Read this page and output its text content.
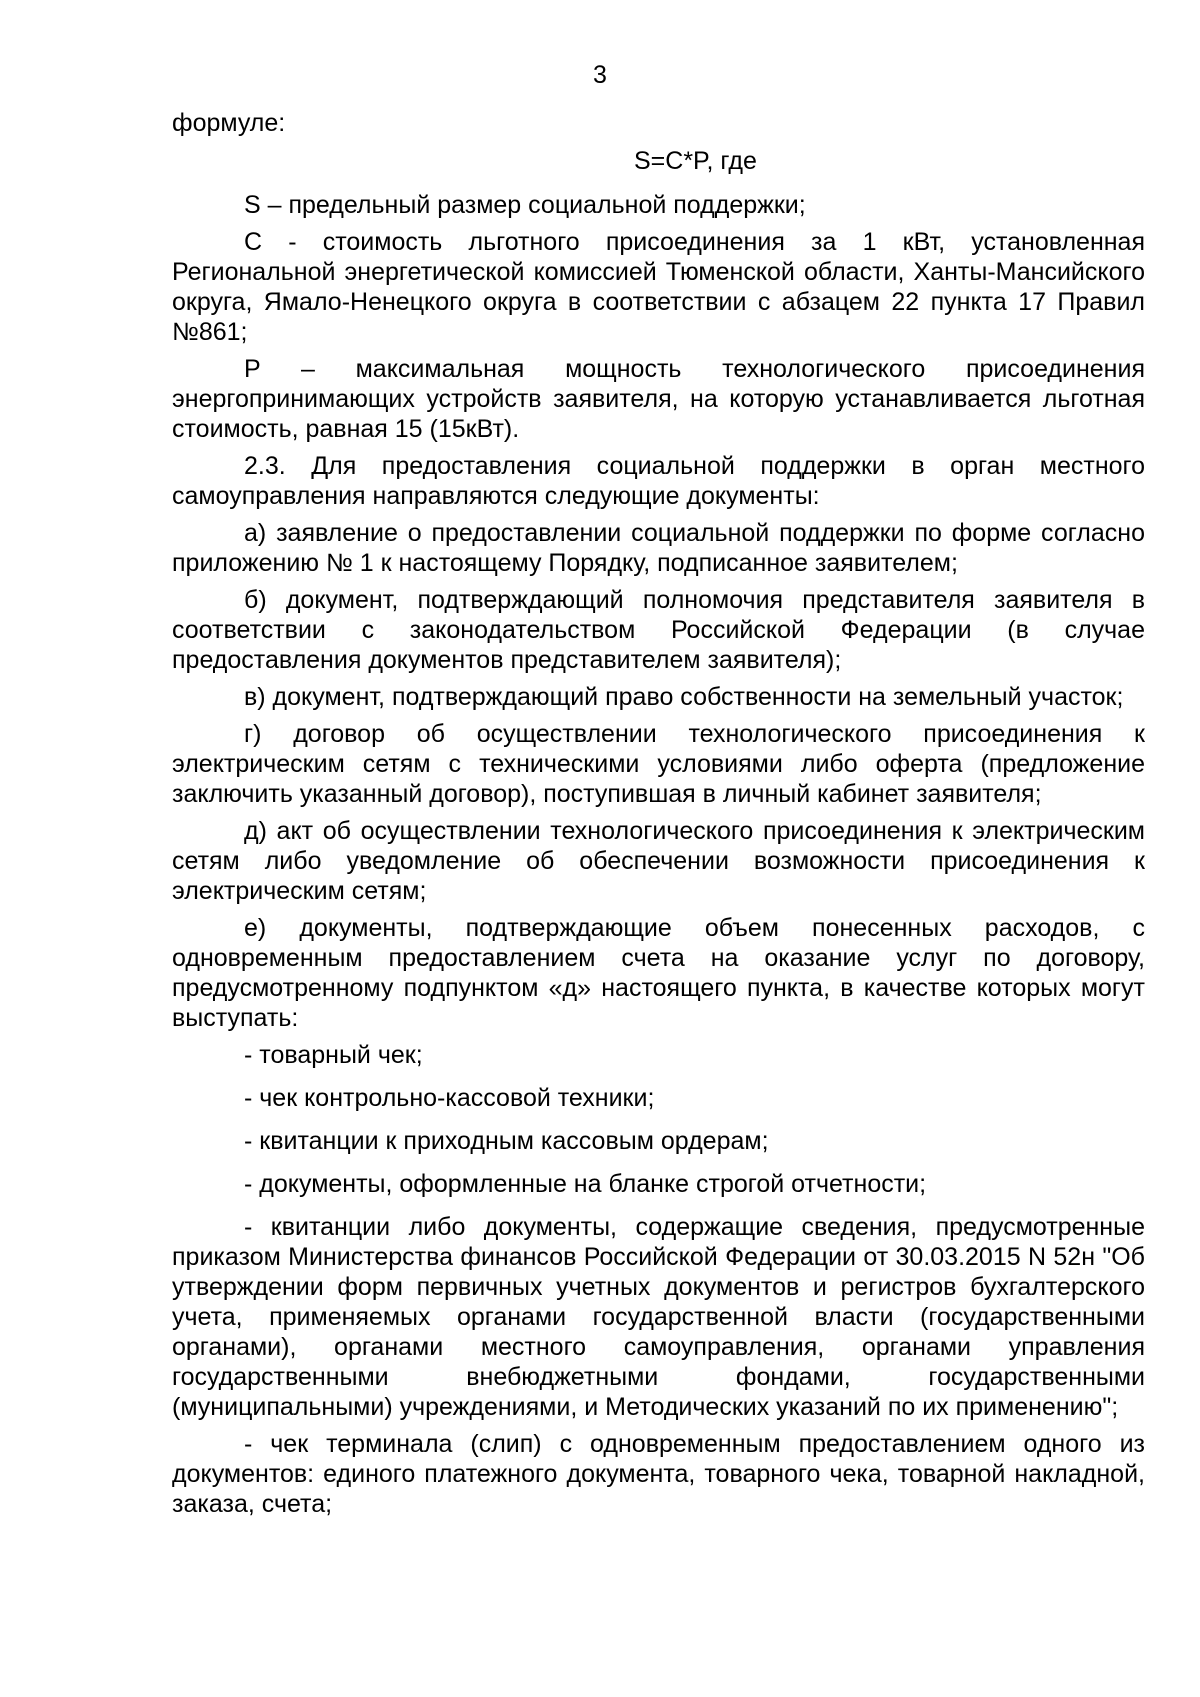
3

формуле:

S=C*P, где

S – предельный размер социальной поддержки;

С - стоимость льготного присоединения за 1 кВт, установленная Региональной энергетической комиссией Тюменской области, Ханты-Мансийского округа, Ямало-Ненецкого округа в соответствии с абзацем 22 пункта 17 Правил №861;

P – максимальная мощность технологического присоединения энергопринимающих устройств заявителя, на которую устанавливается льготная стоимость, равная 15 (15кВт).

2.3. Для предоставления социальной поддержки в орган местного самоуправления направляются следующие документы:

а) заявление о предоставлении социальной поддержки по форме согласно приложению № 1 к настоящему Порядку, подписанное заявителем;

б) документ, подтверждающий полномочия представителя заявителя в соответствии с законодательством Российской Федерации (в случае предоставления документов представителем заявителя);

в) документ, подтверждающий право собственности на земельный участок;

г) договор об осуществлении технологического присоединения к электрическим сетям с техническими условиями либо оферта (предложение заключить указанный договор), поступившая в личный кабинет заявителя;

д) акт об осуществлении технологического присоединения к электрическим сетям либо уведомление об обеспечении возможности присоединения к электрическим сетям;

е) документы, подтверждающие объем понесенных расходов, с одновременным предоставлением счета на оказание услуг по договору, предусмотренному подпунктом «д» настоящего пункта, в качестве которых могут выступать:

- товарный чек;

- чек контрольно-кассовой техники;

- квитанции к приходным кассовым ордерам;

- документы, оформленные на бланке строгой отчетности;

- квитанции либо документы, содержащие сведения, предусмотренные приказом Министерства финансов Российской Федерации от 30.03.2015 N 52н "Об утверждении форм первичных учетных документов и регистров бухгалтерского учета, применяемых органами государственной власти (государственными органами), органами местного самоуправления, органами управления государственными внебюджетными фондами, государственными (муниципальными) учреждениями, и Методических указаний по их применению";

- чек терминала (слип) с одновременным предоставлением одного из документов: единого платежного документа, товарного чека, товарной накладной, заказа, счета;
